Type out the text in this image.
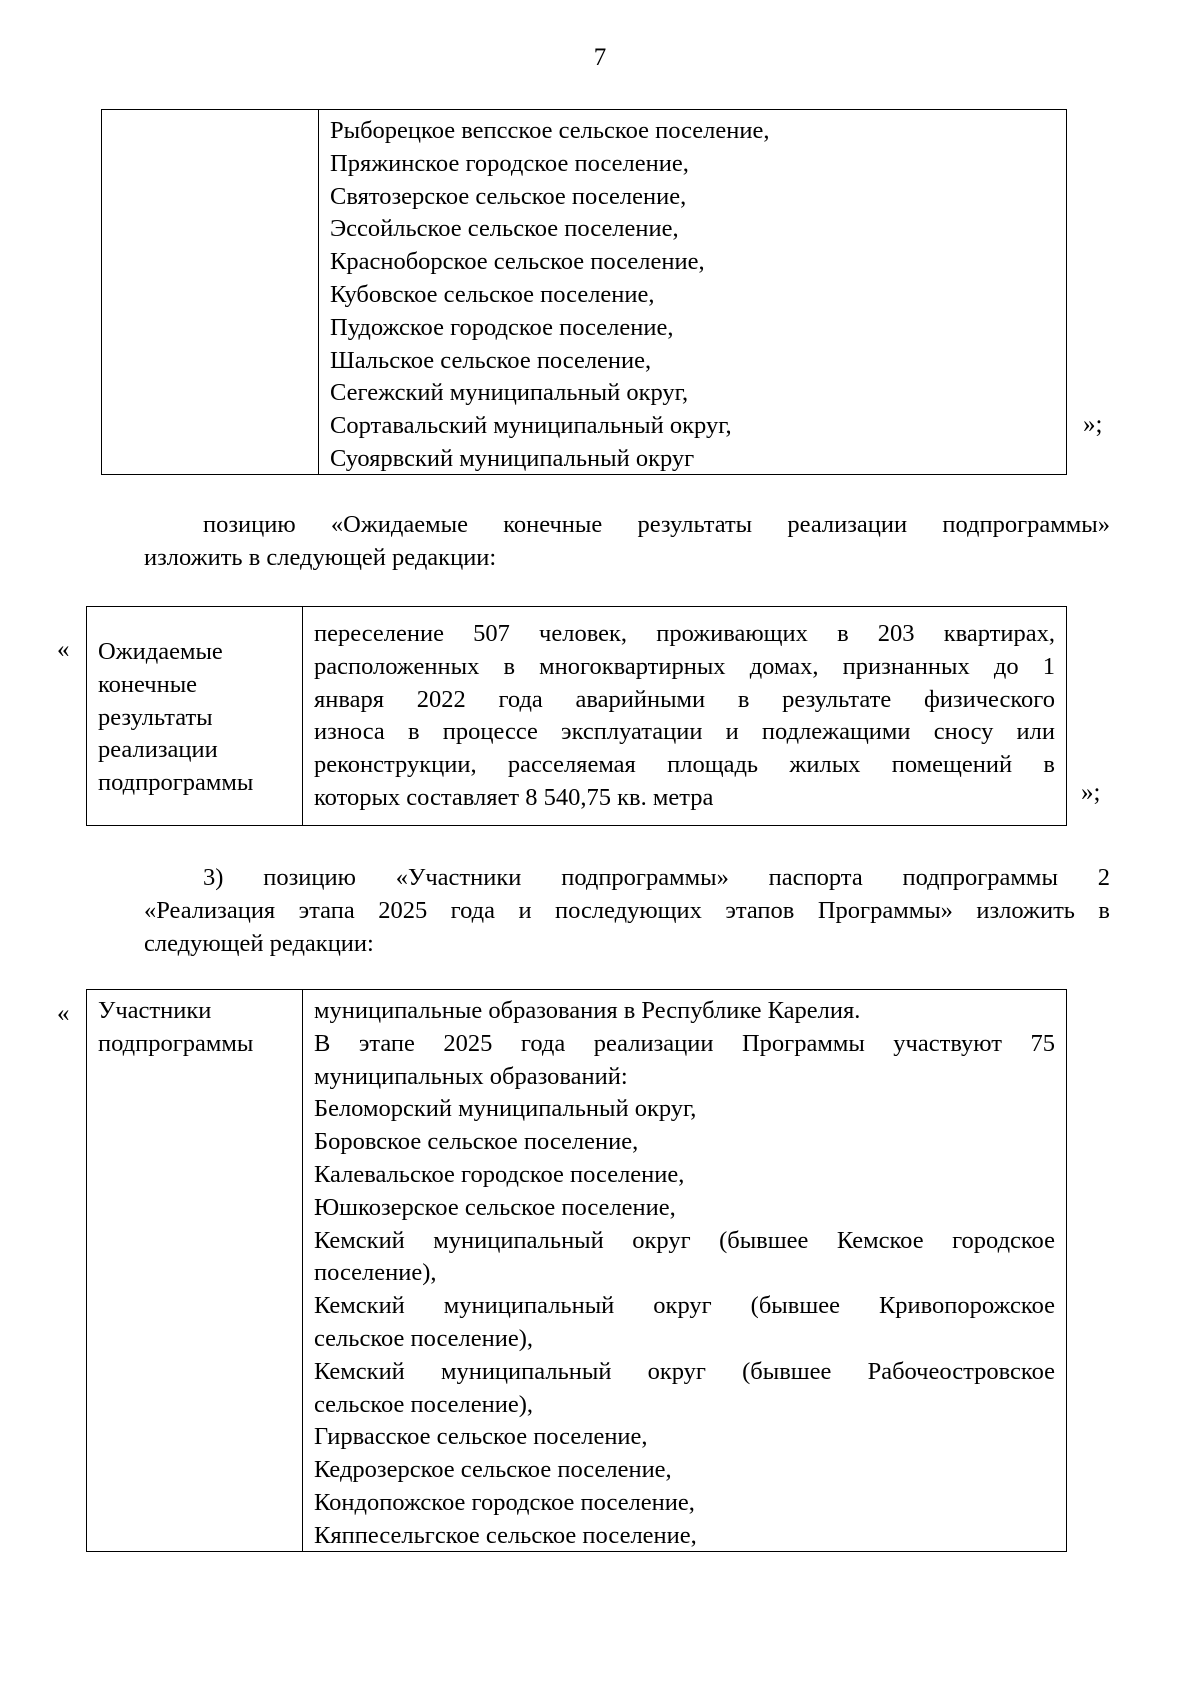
7
Рыборецкое вепсское сельское поселение,
Пряжинское городское поселение,
Святозерское сельское поселение,
Эссойльское сельское поселение,
Красноборское сельское поселение,
Кубовское сельское поселение,
Пудожское городское поселение,
Шальское сельское поселение,
Сегежский муниципальный округ,
Сортавальский муниципальный округ,
Суоярвский муниципальный округ
»;
позицию «Ожидаемые конечные результаты реализации подпрограммы»
изложить в следующей редакции:
« Ожидаемые
конечные
результаты
реализации
подпрограммы
переселение 507 человек, проживающих в 203 квартирах,
расположенных в многоквартирных домах, признанных до 1
января 2022 года аварийными в результате физического
износа в процессе эксплуатации и подлежащими сносу или
реконструкции, расселяемая площадь жилых помещений в
которых составляет 8 540,75 кв. метра	»;
3) позицию «Участники подпрограммы» паспорта подпрограммы 2
«Реализация этапа 2025 года и последующих этапов Программы» изложить в
следующей редакции:
« Участники
подпрограммы
муниципальные образования в Республике Карелия.
В этапе 2025 года реализации Программы участвуют 75
муниципальных образований:
Беломорский муниципальный округ,
Боровское сельское поселение,
Калевальское городское поселение,
Юшкозерское сельское поселение,
Кемский муниципальный округ (бывшее Кемское городское
поселение),
Кемский муниципальный округ (бывшее Кривопорожское
сельское поселение),
Кемский муниципальный округ (бывшее Рабочеостровское
сельское поселение),
Гирвасское сельское поселение,
Кедрозерское сельское поселение,
Кондопожское городское поселение,
Кяппесельгское сельское поселение,
